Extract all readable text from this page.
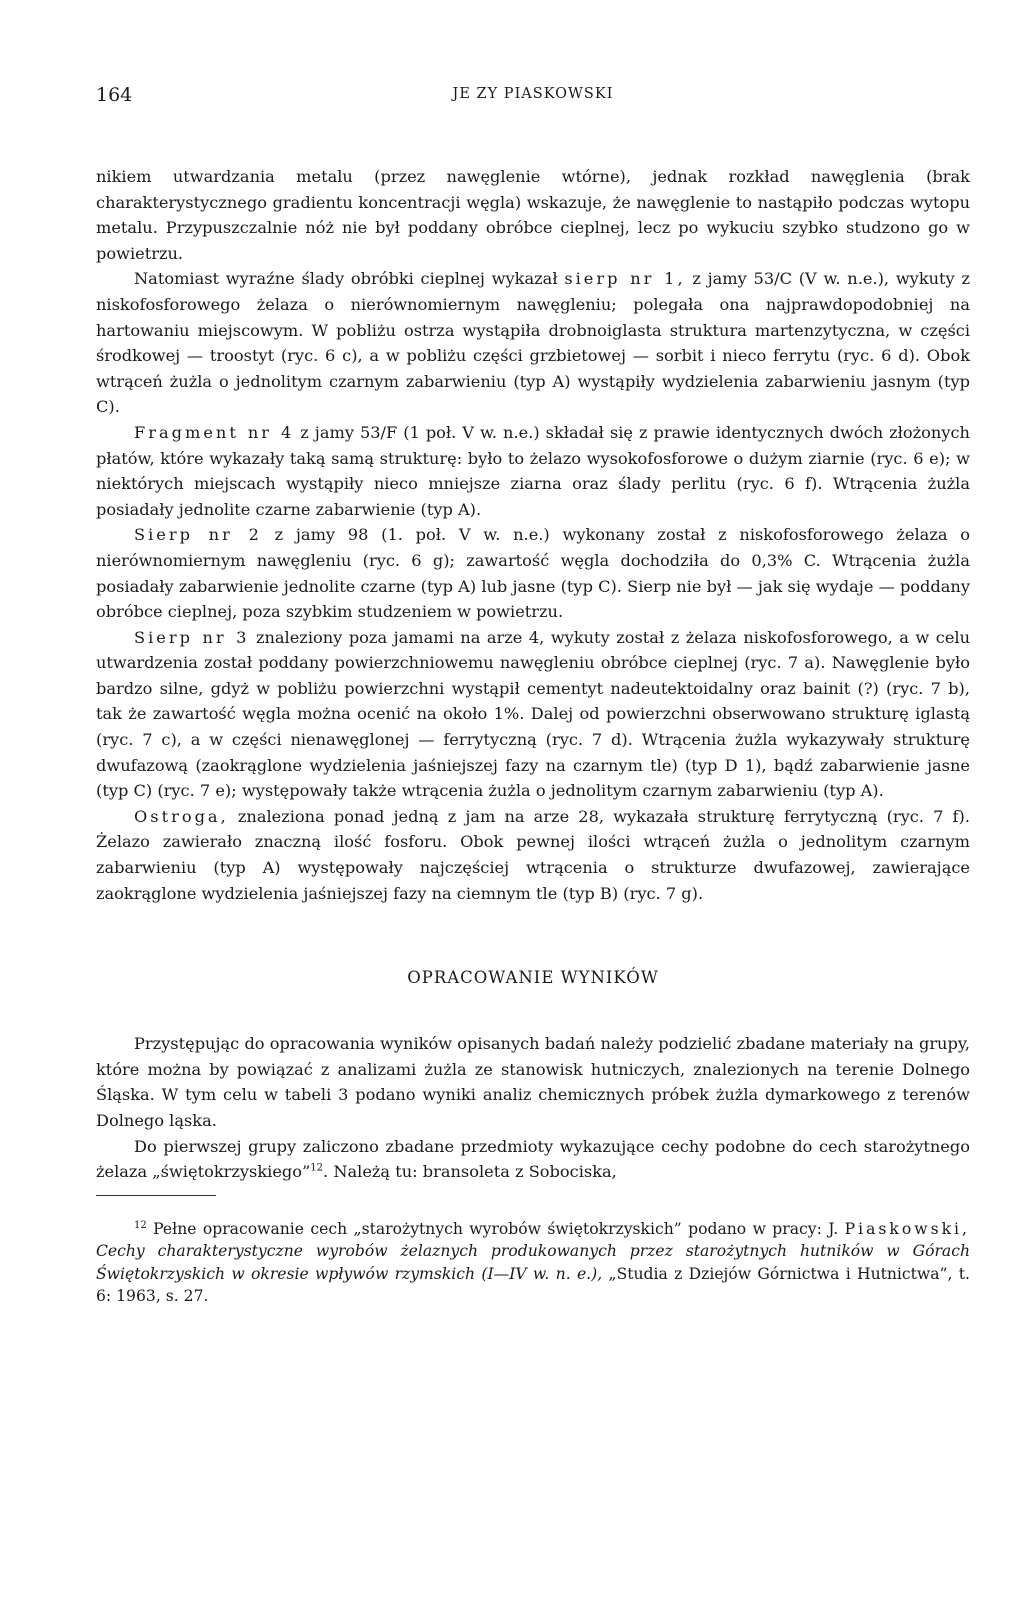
164	JE ZY PIASKOWSKI

nikiem utwardzania metalu (przez nawęglenie wtórne), jednak rozkład nawęglenia (brak charakterystycznego gradientu koncentracji węgla) wskazuje, że nawęglenie to nastąpiło podczas wytopu metalu. Przypuszczalnie nóż nie był poddany obróbce cieplnej, lecz po wykuciu szybko studzono go w powietrzu.

Natomiast wyraźne ślady obróbki cieplnej wykazał sierp nr 1, z jamy 53/C (V w. n.e.), wykuty z niskofosforowego żelaza o nierównomiernym nawęgleniu; polegała ona najprawdopodobniej na hartowaniu miejscowym. W pobliżu ostrza wystąpiła drobnoiglasta struktura martenzytyczna, w części środkowej — troostyt (ryc. 6 c), a w pobliżu części grzbietowej — sorbit i nieco ferrytu (ryc. 6 d). Obok wtrąceń żużla o jednolitym czarnym zabarwieniu (typ A) wystąpiły wydzielenia zabarwieniu jasnym (typ C).

Fragment nr 4 z jamy 53/F (1 poł. V w. n.e.) składał się z prawie identycznych dwóch złożonych płatów, które wykazały taką samą strukturę: było to żelazo wysokofosforowe o dużym ziarnie (ryc. 6 e); w niektórych miejscach wystąpiły nieco mniejsze ziarna oraz ślady perlitu (ryc. 6 f). Wtrącenia żużla posiadały jednolite czarne zabarwienie (typ A).

Sierp nr 2 z jamy 98 (1. poł. V w. n.e.) wykonany został z niskofosforowego żelaza o nierównomiernym nawęgleniu (ryc. 6 g); zawartość węgla dochodziła do 0,3% C. Wtrącenia żużla posiadały zabarwienie jednolite czarne (typ A) lub jasne (typ C). Sierp nie był — jak się wydaje — poddany obróbce cieplnej, poza szybkim studzeniem w powietrzu.

Sierp nr 3 znaleziony poza jamami na arze 4, wykuty został z żelaza niskofosforowego, a w celu utwardzenia został poddany powierzchniowemu nawęgleniu obróbce cieplnej (ryc. 7 a). Nawęglenie było bardzo silne, gdyż w pobliżu powierzchni wystąpił cementyt nadeutektoidalny oraz bainit (?) (ryc. 7 b), tak że zawartość węgla można ocenić na około 1%. Dalej od powierzchni obserwowano strukturę iglastą (ryc. 7 c), a w części nienawęglonej — ferrytyczną (ryc. 7 d). Wtrącenia żużla wykazywały strukturę dwufazową (zaokrąglone wydzielenia jaśniejszej fazy na czarnym tle) (typ D 1), bądź zabarwienie jasne (typ C) (ryc. 7 e); występowały także wtrącenia żużla o jednolitym czarnym zabarwieniu (typ A).

Ostroga, znaleziona ponad jedną z jam na arze 28, wykazała strukturę ferrytyczną (ryc. 7 f). Żelazo zawierało znaczną ilość fosforu. Obok pewnej ilości wtrąceń żużla o jednolitym czarnym zabarwieniu (typ A) występowały najczęściej wtrącenia o strukturze dwufazowej, zawierające zaokrąglone wydzielenia jaśniejszej fazy na ciemnym tle (typ B) (ryc. 7 g).

OPRACOWANIE WYNIKÓW

Przystępując do opracowania wyników opisanych badań należy podzielić zbadane materiały na grupy, które można by powiązać z analizami żużla ze stanowisk hutniczych, znalezionych na terenie Dolnego Śląska. W tym celu w tabeli 3 podano wyniki analiz chemicznych próbek żużla dymarkowego z terenów Dolnego ląska.

Do pierwszej grupy zaliczono zbadane przedmioty wykazujące cechy podobne do cech starożytnego żelaza „świętokrzyskiego”$^{12}$. Należą tu: bransoleta z Sobociska,

$^{12}$ Pełne opracowanie cech „starożytnych wyrobów świętokrzyskich” podano w pracy: J. Piaskowski, Cechy charakterystyczne wyrobów żelaznych produkowanych przez starożytnych hutników w Górach Świętokrzyskich w okresie wpływów rzymskich (I—IV w. n. e.), „Studia z Dziejów Górnictwa i Hutnictwa”, t. 6: 1963, s. 27.
